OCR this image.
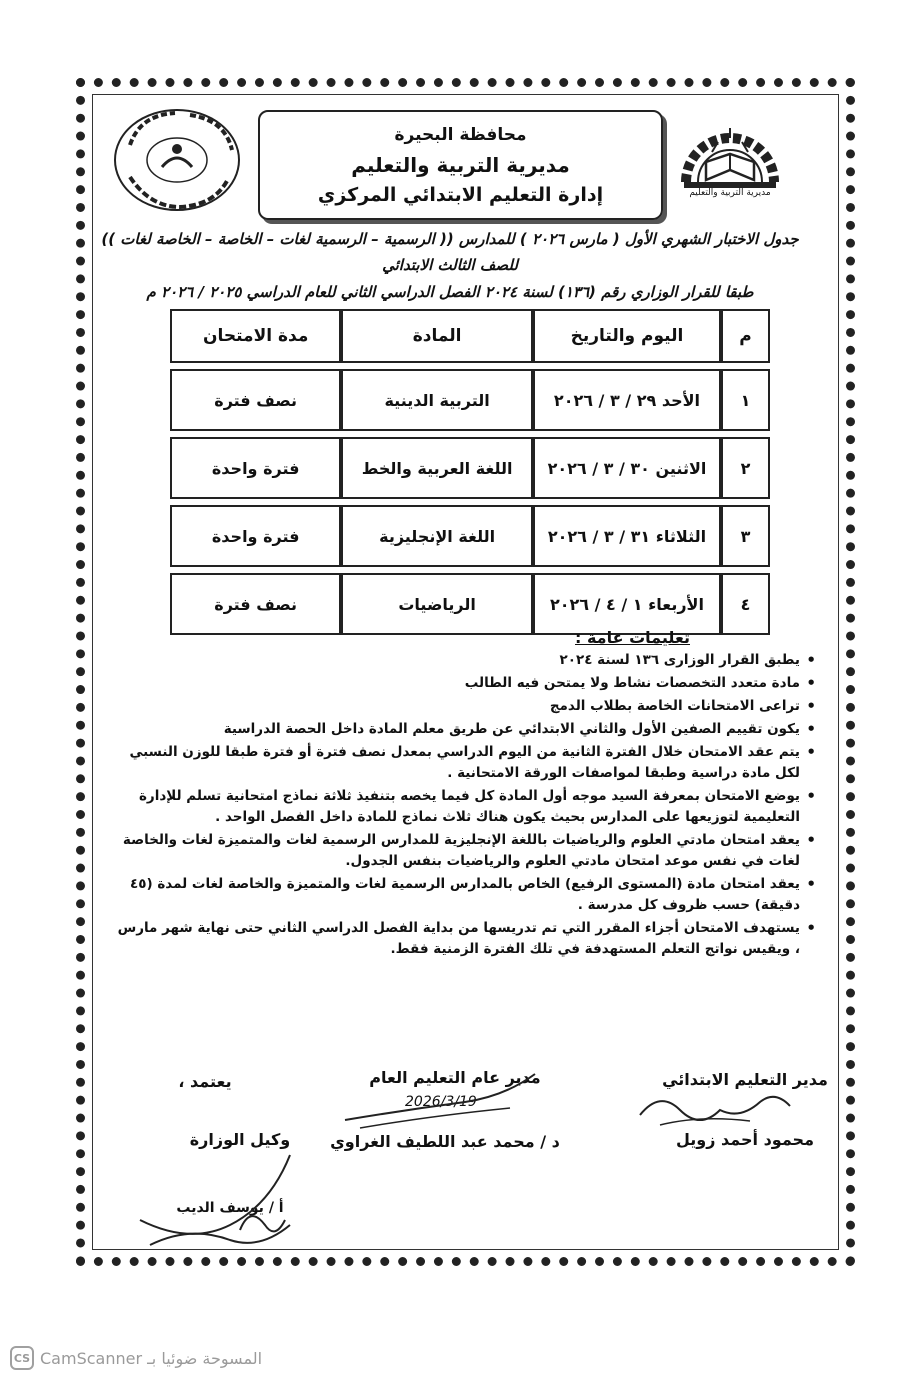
مديرية التربية والتعليم
محافظة البحيرة
مديرية التربية والتعليم
إدارة التعليم الابتدائي المركزي
جدول الاختبار الشهري الأول ( مارس ٢٠٢٦ ) للمدارس (( الرسمية – الرسمية لغات – الخاصة – الخاصة لغات ))
للصف الثالث الابتدائي
طبقا للقرار الوزاري رقم (١٣٦) لسنة ٢٠٢٤ الفصل الدراسي الثاني للعام الدراسي ٢٠٢٥ / ٢٠٢٦ م
م	اليوم والتاريخ	المادة	مدة الامتحان
١	الأحد ٢٩ / ٣ / ٢٠٢٦	التربية الدينية	نصف فترة
٢	الاثنين ٣٠ / ٣ / ٢٠٢٦	اللغة العربية والخط	فترة واحدة
٣	الثلاثاء ٣١ / ٣ / ٢٠٢٦	اللغة الإنجليزية	فترة واحدة
٤	الأربعاء ١ / ٤ / ٢٠٢٦	الرياضيات	نصف فترة
تعليمات عامة :
• يطبق القرار الوزارى ١٣٦ لسنة ٢٠٢٤
• مادة متعدد التخصصات نشاط ولا يمتحن فيه الطالب
• تراعى الامتحانات الخاصة بطلاب الدمج
• يكون تقييم الصفين الأول والثاني الابتدائي عن طريق معلم المادة داخل الحصة الدراسية
• يتم عقد الامتحان خلال الفترة الثانية من اليوم الدراسي بمعدل نصف فترة أو فترة طبقا للوزن النسبي لكل مادة دراسية وطبقا لمواصفات الورقة الامتحانية .
• يوضع الامتحان بمعرفة السيد موجه أول المادة كل فيما يخصه بتنفيذ ثلاثة نماذج امتحانية تسلم للإدارة التعليمية لتوزيعها على المدارس بحيث يكون هناك ثلاث نماذج للمادة داخل الفصل الواحد .
• يعقد امتحان مادتي العلوم والرياضيات باللغة الإنجليزية للمدارس الرسمية لغات والمتميزة لغات والخاصة لغات في نفس موعد امتحان مادتي العلوم والرياضيات بنفس الجدول.
• يعقد امتحان مادة (المستوى الرفيع) الخاص بالمدارس الرسمية لغات والمتميزة والخاصة لغات لمدة (٤٥ دقيقة) حسب ظروف كل مدرسة .
• يستهدف الامتحان أجزاء المقرر التي تم تدريسها من بداية الفصل الدراسي الثاني حتى نهاية شهر مارس ، ويقيس نواتج التعلم المستهدفة في تلك الفترة الزمنية فقط.
مدير التعليم الابتدائي
محمود أحمد زويل
مدير عام التعليم العام
د / محمد عبد اللطيف الغراوي
يعتمد ،
وكيل الوزارة
أ / يوسف الديب
2026/3/19
CS CamScanner المسوحة ضوئيا بـ
